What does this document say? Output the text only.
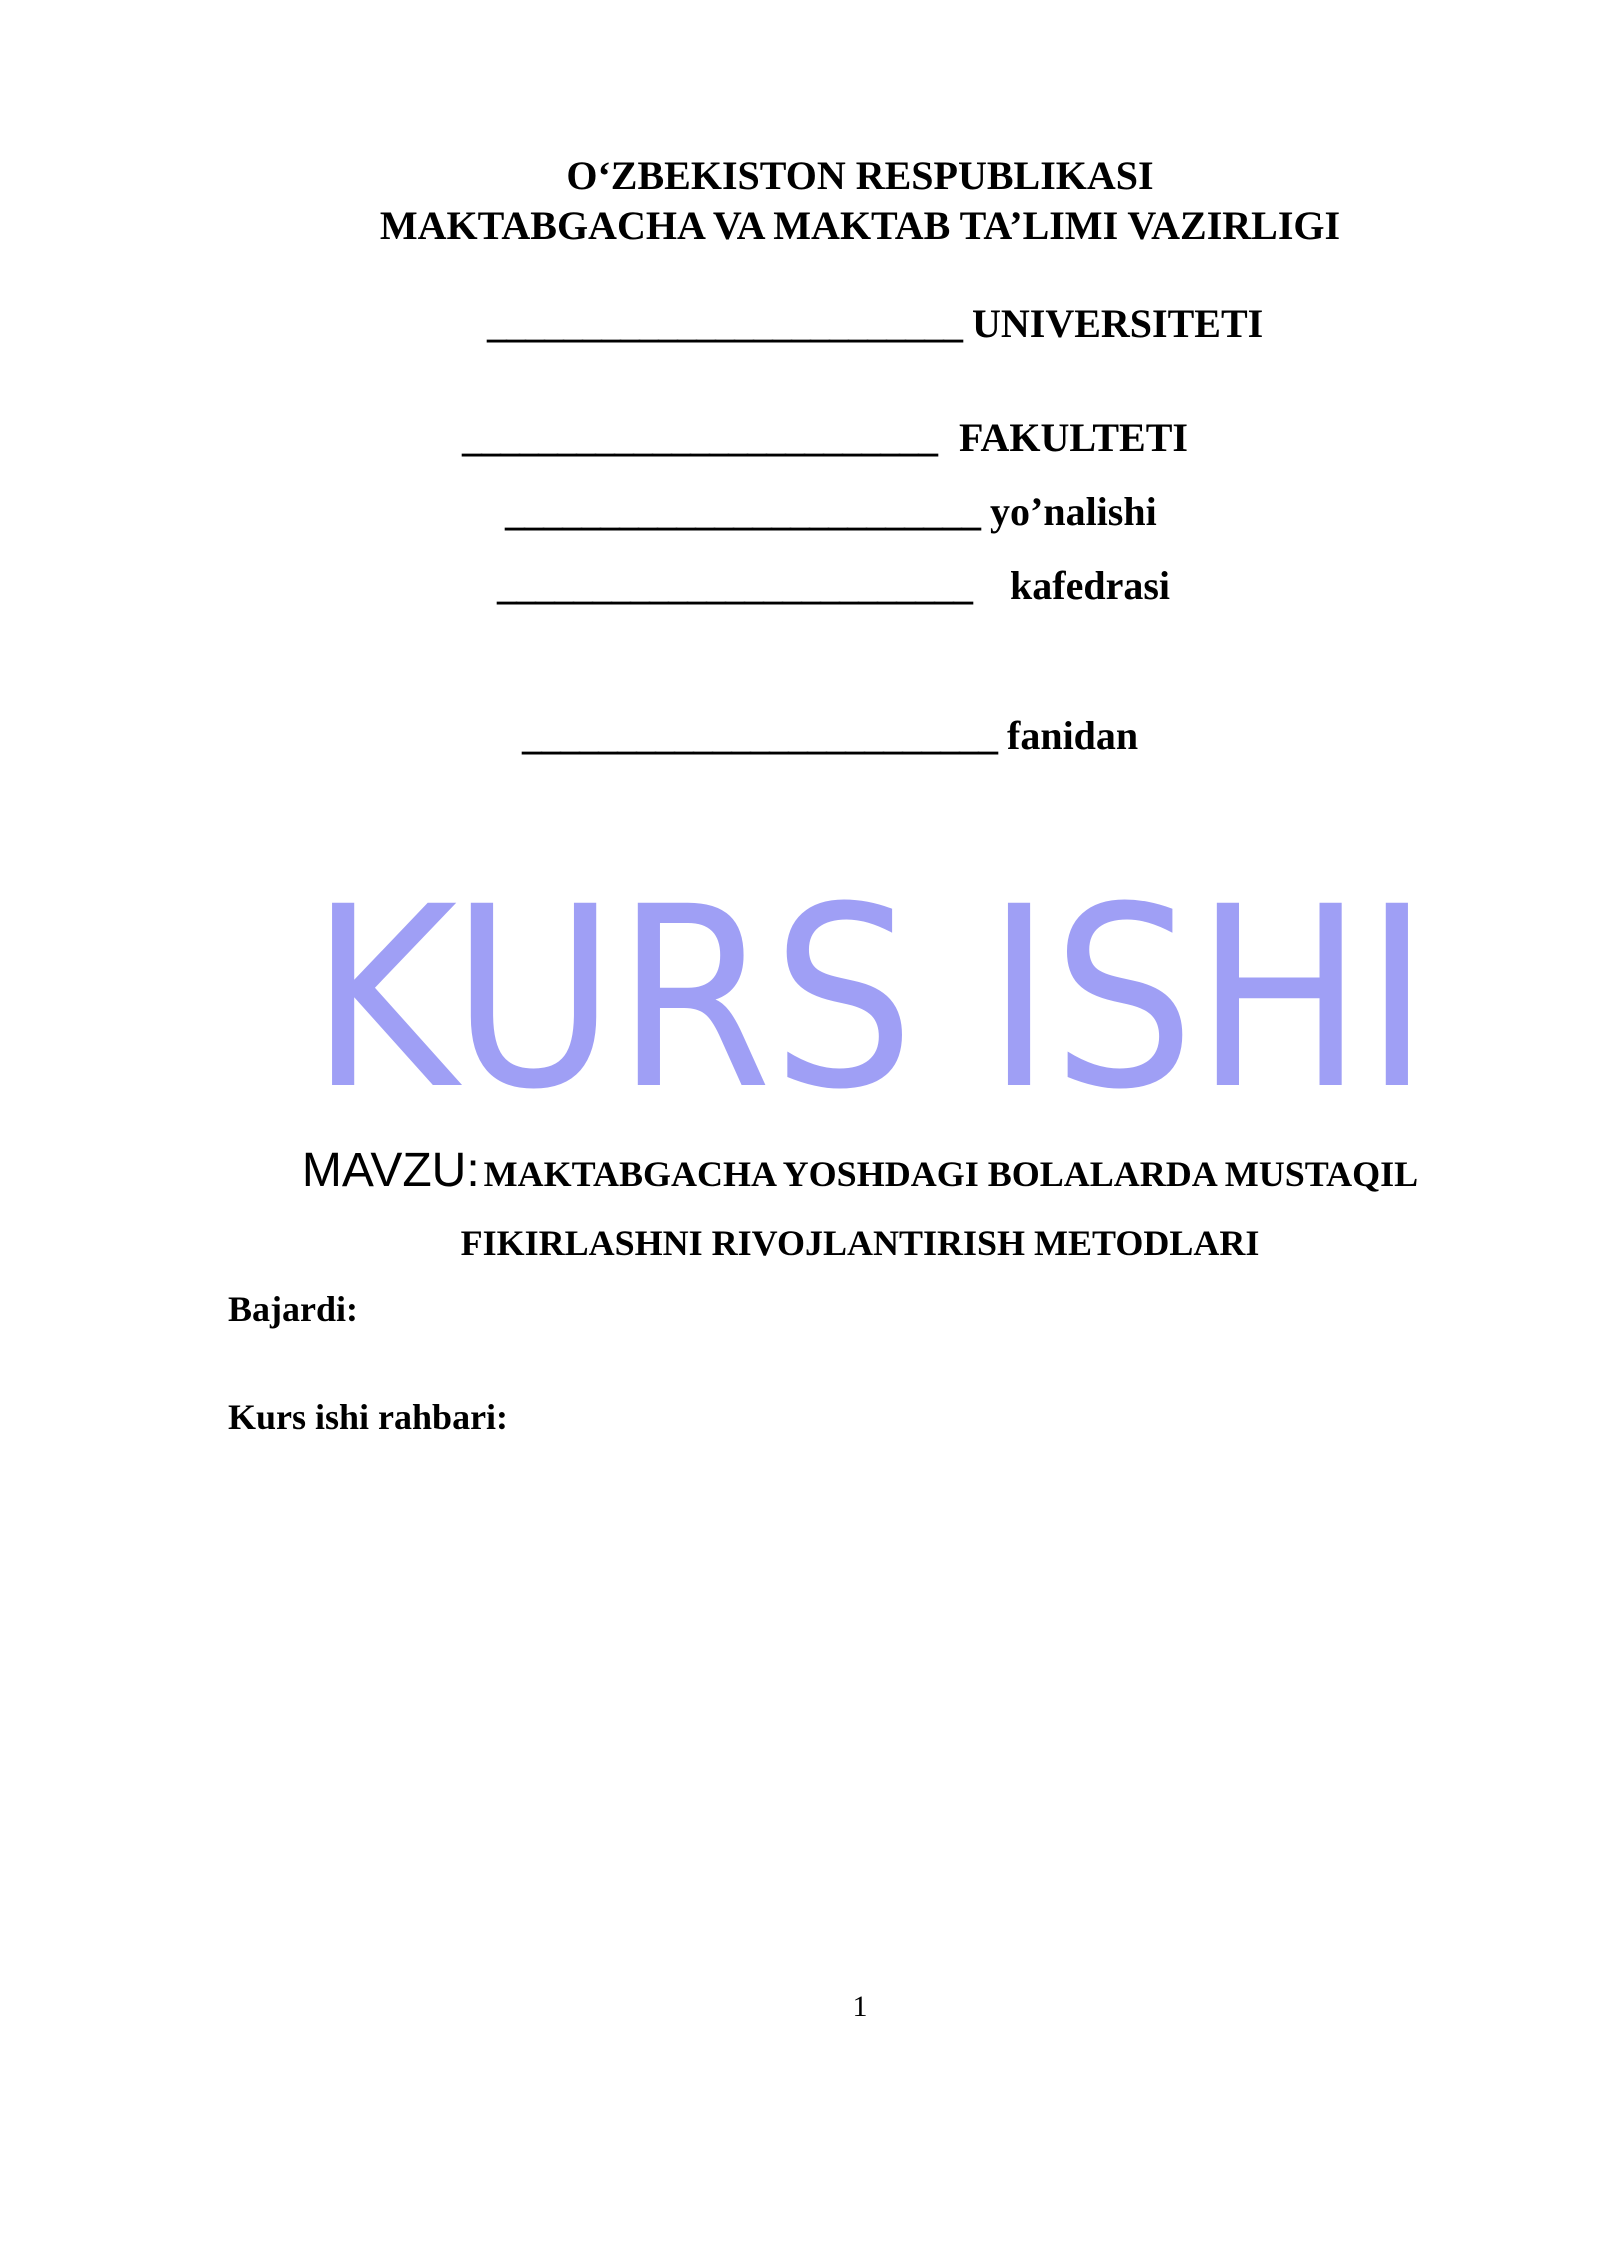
O‘ZBEKISTON RESPUBLIKASI
MAKTABGACHA VA MAKTAB TA’LIMI VAZIRLIGI
_________________________ UNIVERSITETI
_________________________ FAKULTETI
_________________________ yo’nalishi
_________________________ kafedrasi
_________________________ fanidan
KURS ISHI
MAVZU: MAKTABGACHA YOSHDAGI BOLALARDA MUSTAQIL
FIKIRLASHNI RIVOJLANTIRISH METODLARI
Bajardi:
Kurs ishi rahbari:
1
